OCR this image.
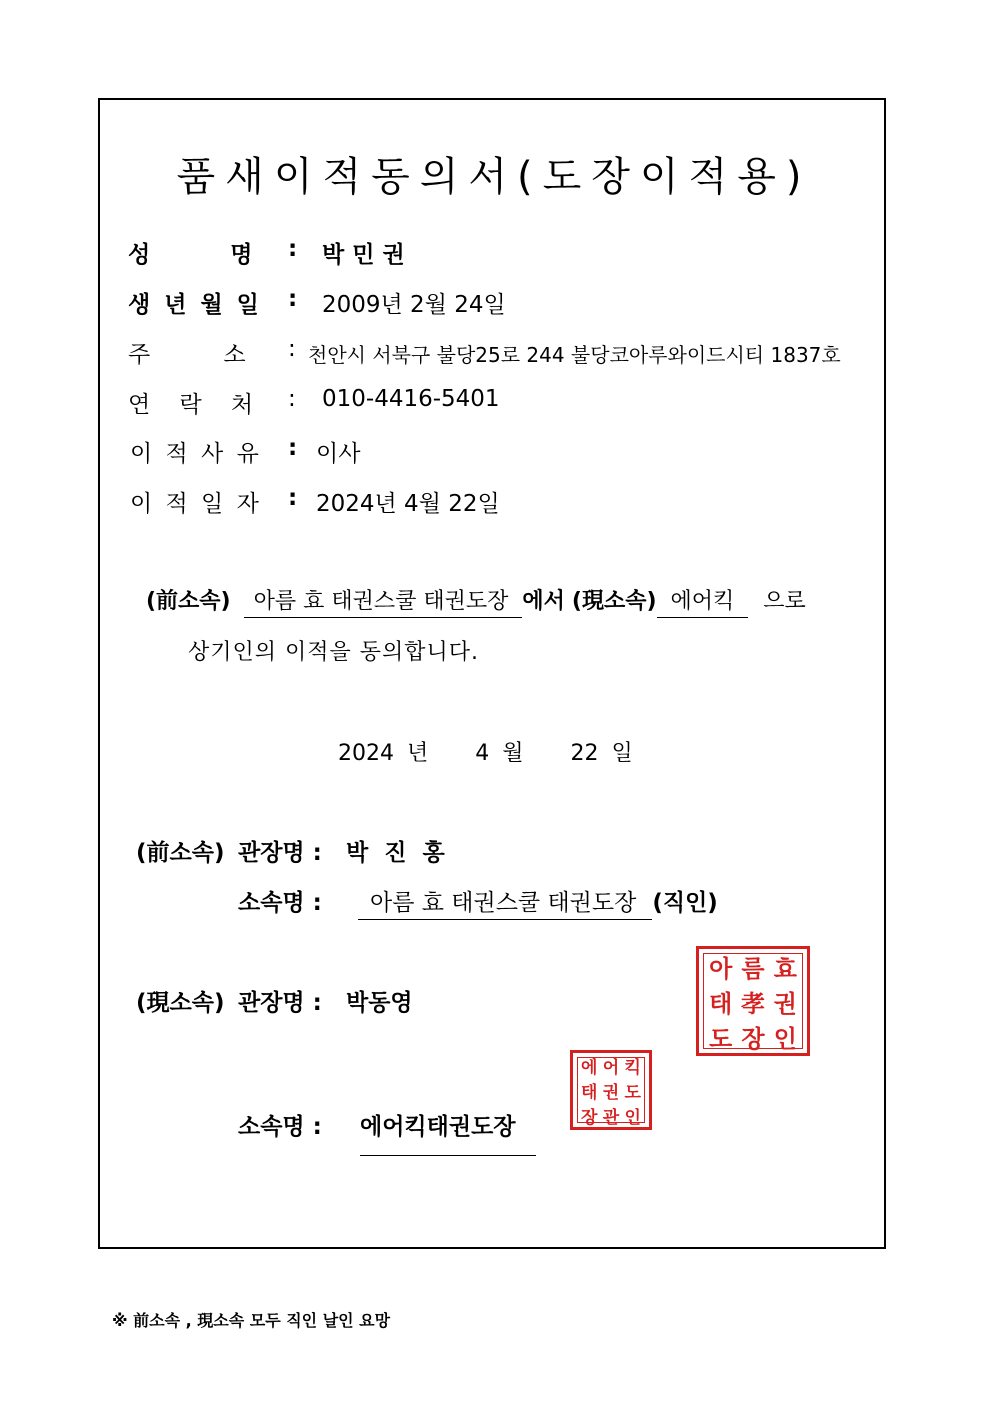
품새이적동의서(도장이적용)
성          명 : 박 민 권
생 년 월 일 : 2009년 2월 24일
주          소 : 천안시 서북구 불당25로 244 불당코아루와이드시티 1837호
연    락    처 : 010-4416-5401
이 적 사 유 : 이사
이 적 일 자 : 2024년 4월 22일
(前소속) 아름 효 태권스쿨 태권도장 에서 (現소속) 에어킥 으로
상기인의 이적을 동의합니다.
2024 년 4 월 22 일
(前소속) 관장명 : 박 진 홍
소속명 :	아름 효 태권스쿨 태권도장 (직인)
아 름 효
태 孝 권
도 장 인
(現소속) 관장명 : 박동영
에 어 킥
태 권 도
장 관 인
소속명 : 에어킥태권도장
※ 前소속 , 現소속 모두 직인 날인 요망
